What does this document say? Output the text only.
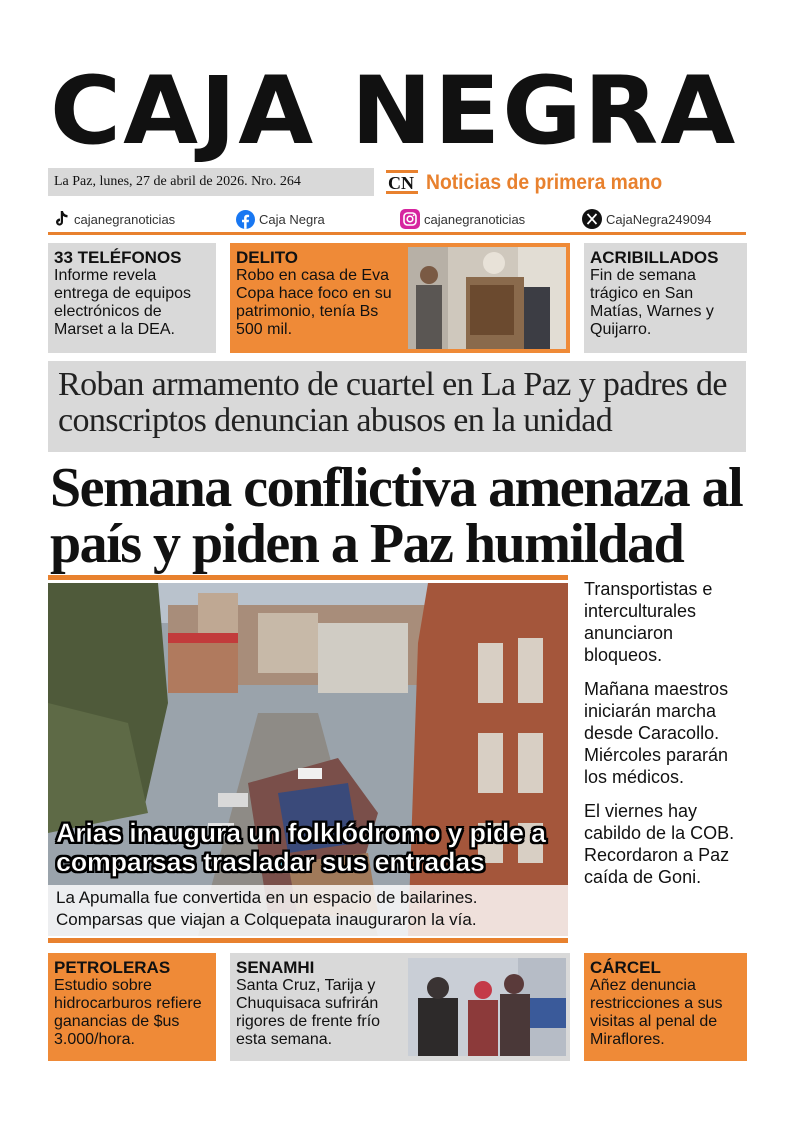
CAJA NEGRA
La Paz, lunes, 27 de abril de 2026. Nro. 264	CN Noticias de primera mano
cajanegranoticias	Caja Negra	cajanegranoticias	CajaNegra249094
33 TELÉFONOS
Informe revela entrega de equipos electrónicos de Marset a la DEA.
DELITO
Robo en casa de Eva Copa hace foco en su patrimonio, tenía Bs 500 mil.
ACRIBILLADOS
Fin de semana trágico en San Matías, Warnes y Quijarro.
Roban armamento de cuartel en La Paz y padres de conscriptos denuncian abusos en la unidad
Semana conflictiva amenaza al país y piden a Paz humildad
Arias inaugura un folklódromo y pide a comparsas trasladar sus entradas
La Apumalla fue convertida en un espacio de bailarines. Comparsas que viajan a Colquepata inauguraron la vía.

Transportistas e interculturales anunciaron bloqueos.

Mañana maestros iniciarán marcha desde Caracollo. Miércoles pararán los médicos.

El viernes hay cabildo de la COB. Recordaron a Paz caída de Goni.

PETROLERAS
Estudio sobre hidrocarburos refiere ganancias de $us 3.000/hora.
SENAMHI
Santa Cruz, Tarija y Chuquisaca sufrirán rigores de frente frío esta semana.
CÁRCEL
Añez denuncia restricciones a sus visitas al penal de Miraflores.
